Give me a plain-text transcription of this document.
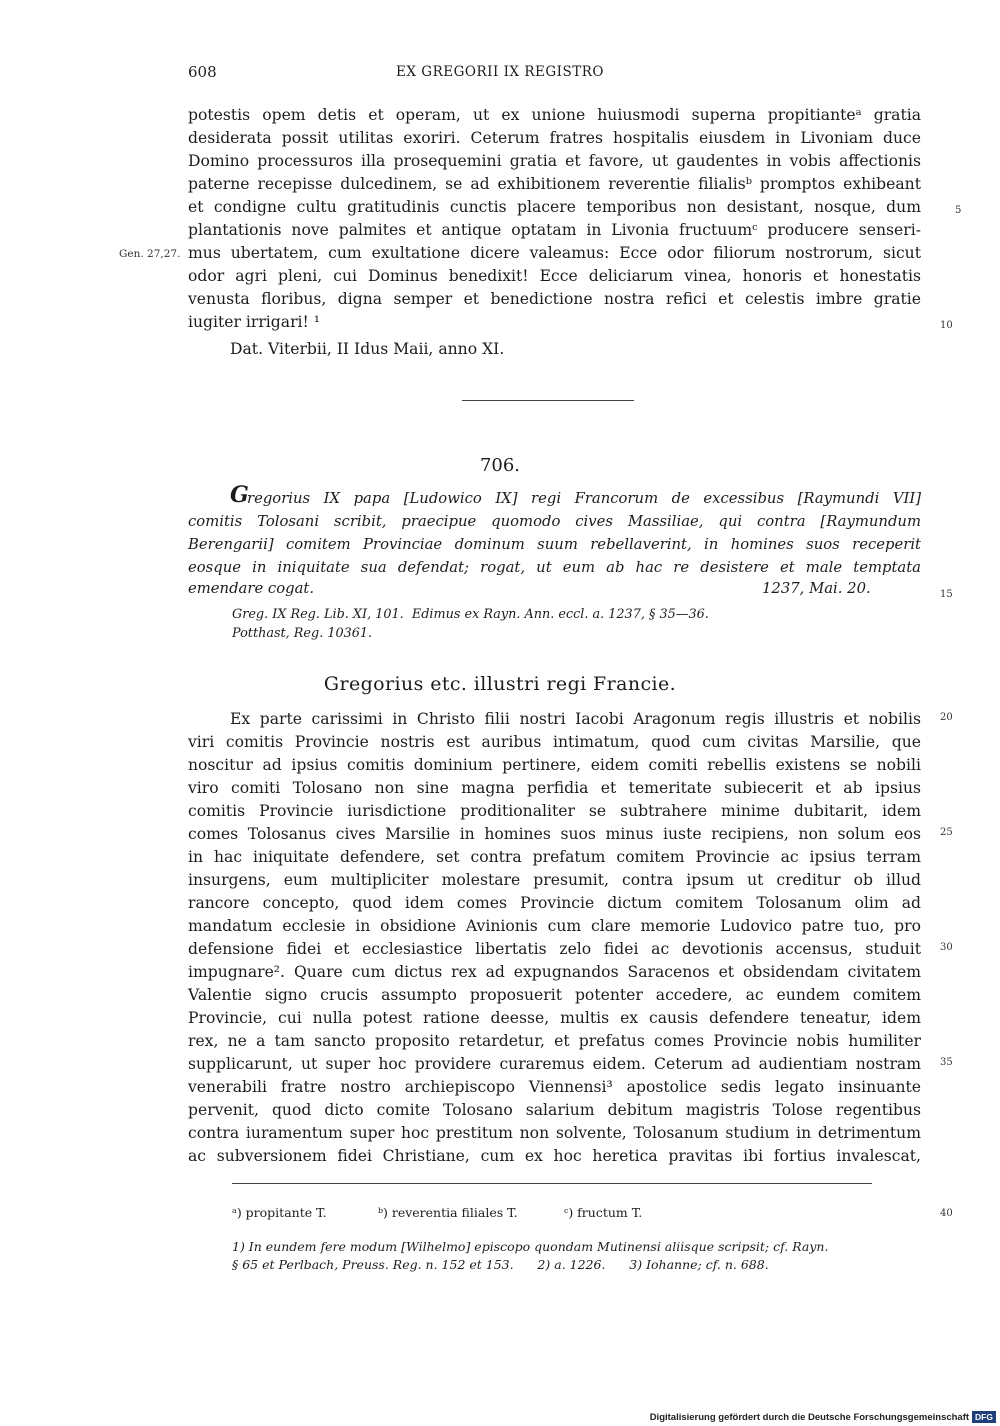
608	EX GREGORII IX REGISTRO
potestis opem detis et operam, ut ex unione huiusmodi superna propitianteᵃ gratia
desiderata possit utilitas exoriri. Ceterum fratres hospitalis eiusdem in Livoniam duce
Domino processuros illa prosequemini gratia et favore, ut gaudentes in vobis affectionis
paterne recepisse dulcedinem, se ad exhibitionem reverentie filialisᵇ promptos exhibeant
et condigne cultu gratitudinis cunctis placere temporibus non desistant, nosque, dum
plantationis nove palmites et antique optatam in Livonia fructuumᶜ producere senseri-
mus ubertatem, cum exultatione dicere valeamus: Ecce odor filiorum nostrorum, sicut
odor agri pleni, cui Dominus benedixit! Ecce deliciarum vinea, honoris et honestatis
venusta floribus, digna semper et benedictione nostra refici et celestis imbre gratie
iugiter irrigari! ¹
Dat. Viterbii, II Idus Maii, anno XI.
Gen. 27,27.
706.
G
regorius IX papa [Ludowico IX] regi Francorum de excessibus [Raymundi VII]
comitis Tolosani scribit, praecipue quomodo cives Massiliae, qui contra [Raymundum
Berengarii] comitem Provinciae dominum suum rebellaverint, in homines suos receperit
eosque in iniquitate sua defendat; rogat, ut eum ab hac re desistere et male temptata
emendare cogat.	1237, Mai. 20.
Greg. IX Reg. Lib. XI, 101.  Edimus ex Rayn. Ann. eccl. a. 1237, § 35—36.
Potthast, Reg. 10361.
Gregorius etc. illustri regi Francie.
Ex parte carissimi in Christo filii nostri Iacobi Aragonum regis illustris et nobilis
viri comitis Provincie nostris est auribus intimatum, quod cum civitas Marsilie, que
noscitur ad ipsius comitis dominium pertinere, eidem comiti rebellis existens se nobili
viro comiti Tolosano non sine magna perfidia et temeritate subiecerit et ab ipsius
comitis Provincie iurisdictione proditionaliter se subtrahere minime dubitarit, idem
comes Tolosanus cives Marsilie in homines suos minus iuste recipiens, non solum eos
in hac iniquitate defendere, set contra prefatum comitem Provincie ac ipsius terram
insurgens, eum multipliciter molestare presumit, contra ipsum ut creditur ob illud
rancore concepto, quod idem comes Provincie dictum comitem Tolosanum olim ad
mandatum ecclesie in obsidione Avinionis cum clare memorie Ludovico patre tuo, pro
defensione fidei et ecclesiastice libertatis zelo fidei ac devotionis accensus, studuit
impugnare². Quare cum dictus rex ad expugnandos Saracenos et obsidendam civitatem
Valentie signo crucis assumpto proposuerit potenter accedere, ac eundem comitem
Provincie, cui nulla potest ratione deesse, multis ex causis defendere teneatur, idem
rex, ne a tam sancto proposito retardetur, et prefatus comes Provincie nobis humiliter
supplicarunt, ut super hoc providere curaremus eidem. Ceterum ad audientiam nostram
venerabili fratre nostro archiepiscopo Viennensi³ apostolice sedis legato insinuante
pervenit, quod dicto comite Tolosano salarium debitum magistris Tolose regentibus
contra iuramentum super hoc prestitum non solvente, Tolosanum studium in detrimentum
ac subversionem fidei Christiane, cum ex hoc heretica pravitas ibi fortius invalescat,
5
10
15
20
25
30
35
40
ᵃ) propitante T.	ᵇ) reverentia filiales T.	ᶜ) fructum T.
1) In eundem fere modum [Wilhelmo] episcopo quondam Mutinensi aliisque scripsit; cf. Rayn.
§ 65 et Perlbach, Preuss. Reg. n. 152 et 153.      2) a. 1226.      3) Iohanne; cf. n. 688.
Digitalisierung gefördert durch die Deutsche Forschungsgemeinschaft DFG
